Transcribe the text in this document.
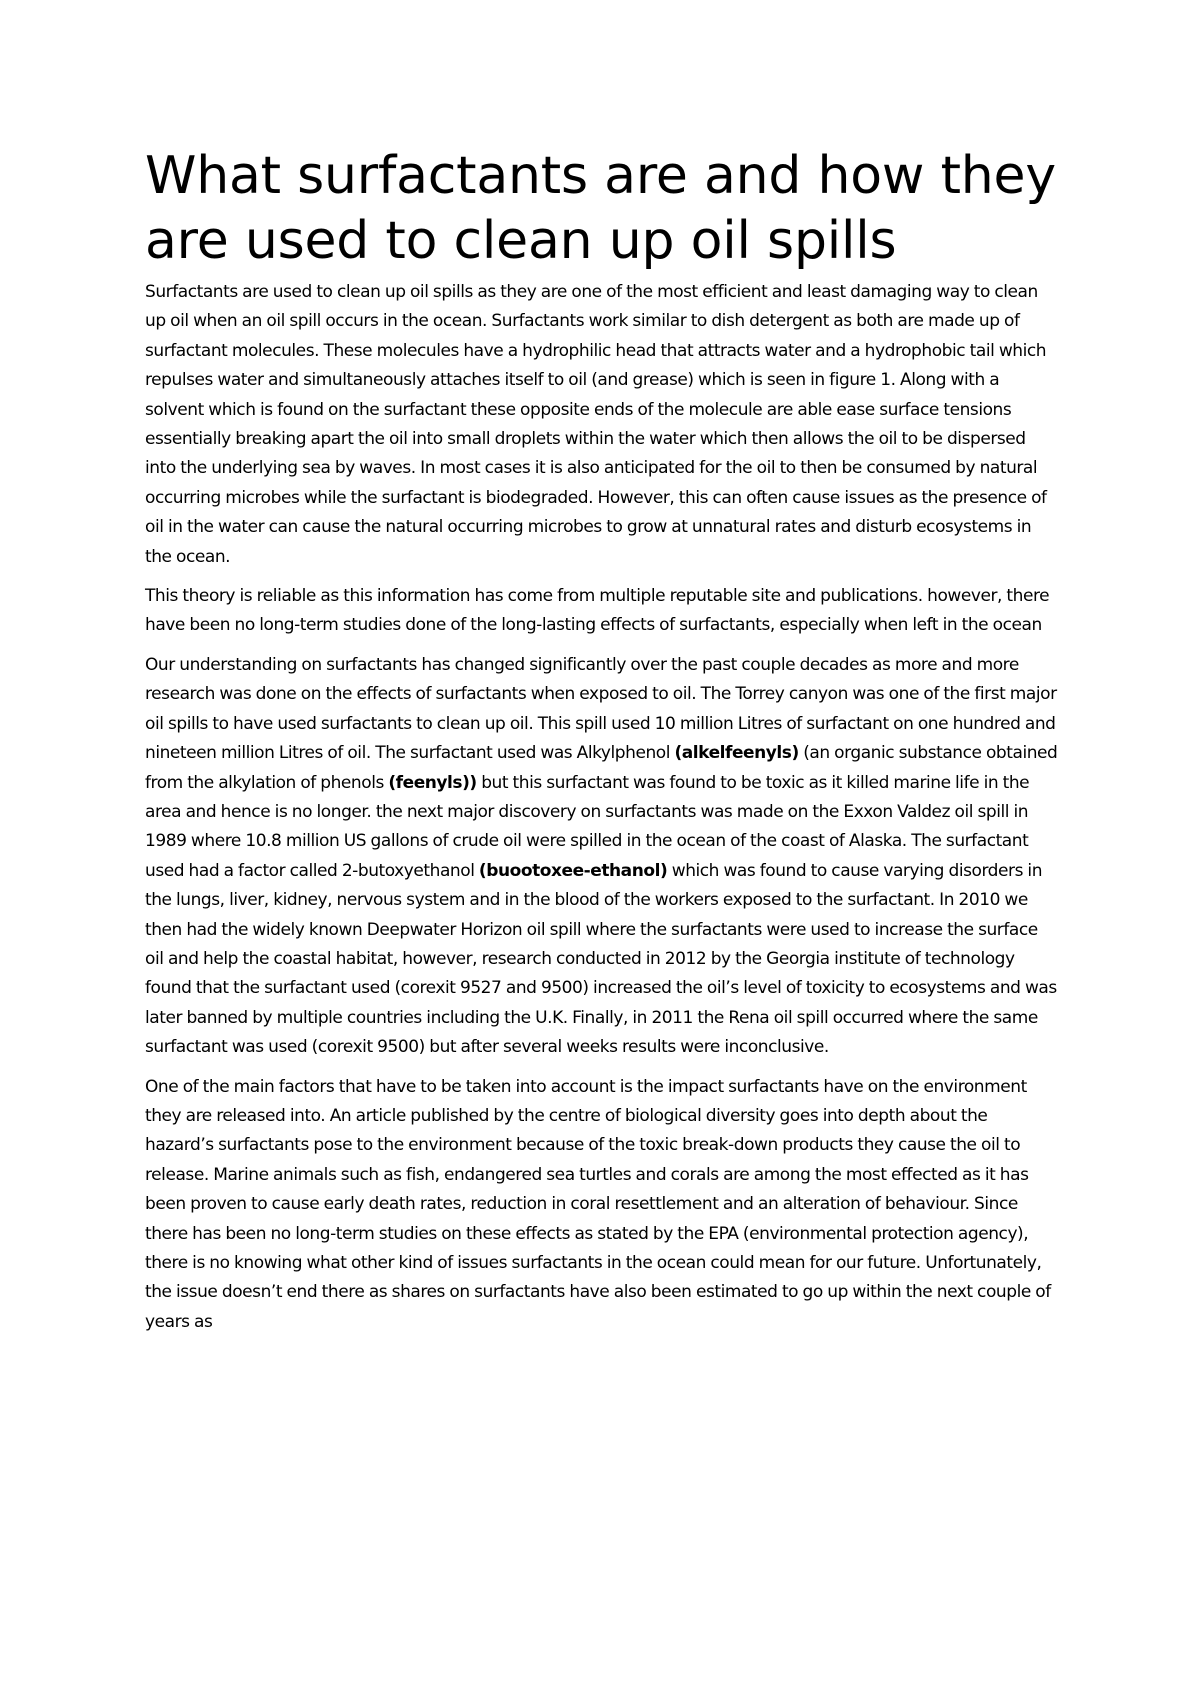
What surfactants are and how they are used to clean up oil spills

Surfactants are used to clean up oil spills as they are one of the most efficient and least damaging way to clean up oil when an oil spill occurs in the ocean. Surfactants work similar to dish detergent as both are made up of surfactant molecules. These molecules have a hydrophilic head that attracts water and a hydrophobic tail which repulses water and simultaneously attaches itself to oil (and grease) which is seen in figure 1. Along with a solvent which is found on the surfactant these opposite ends of the molecule are able ease surface tensions essentially breaking apart the oil into small droplets within the water which then allows the oil to be dispersed into the underlying sea by waves. In most cases it is also anticipated for the oil to then be consumed by natural occurring microbes while the surfactant is biodegraded. However, this can often cause issues as the presence of oil in the water can cause the natural occurring microbes to grow at unnatural rates and disturb ecosystems in the ocean.

This theory is reliable as this information has come from multiple reputable site and publications. however, there have been no long-term studies done of the long-lasting effects of surfactants, especially when left in the ocean

Our understanding on surfactants has changed significantly over the past couple decades as more and more research was done on the effects of surfactants when exposed to oil. The Torrey canyon was one of the first major oil spills to have used surfactants to clean up oil. This spill used 10 million Litres of surfactant on one hundred and nineteen million Litres of oil. The surfactant used was Alkylphenol (alkelfeenyls) (an organic substance obtained from the alkylation of phenols (feenyls)) but this surfactant was found to be toxic as it killed marine life in the area and hence is no longer. the next major discovery on surfactants was made on the Exxon Valdez oil spill in 1989 where 10.8 million US gallons of crude oil were spilled in the ocean of the coast of Alaska. The surfactant used had a factor called 2-butoxyethanol (buootoxee-ethanol) which was found to cause varying disorders in the lungs, liver, kidney, nervous system and in the blood of the workers exposed to the surfactant. In 2010 we then had the widely known Deepwater Horizon oil spill where the surfactants were used to increase the surface oil and help the coastal habitat, however, research conducted in 2012 by the Georgia institute of technology found that the surfactant used (corexit 9527 and 9500) increased the oil’s level of toxicity to ecosystems and was later banned by multiple countries including the U.K. Finally, in 2011 the Rena oil spill occurred where the same surfactant was used (corexit 9500) but after several weeks results were inconclusive.

One of the main factors that have to be taken into account is the impact surfactants have on the environment they are released into. An article published by the centre of biological diversity goes into depth about the hazard’s surfactants pose to the environment because of the toxic break-down products they cause the oil to release. Marine animals such as fish, endangered sea turtles and corals are among the most effected as it has been proven to cause early death rates, reduction in coral resettlement and an alteration of behaviour. Since there has been no long-term studies on these effects as stated by the EPA (environmental protection agency), there is no knowing what other kind of issues surfactants in the ocean could mean for our future. Unfortunately, the issue doesn’t end there as shares on surfactants have also been estimated to go up within the next couple of years as
